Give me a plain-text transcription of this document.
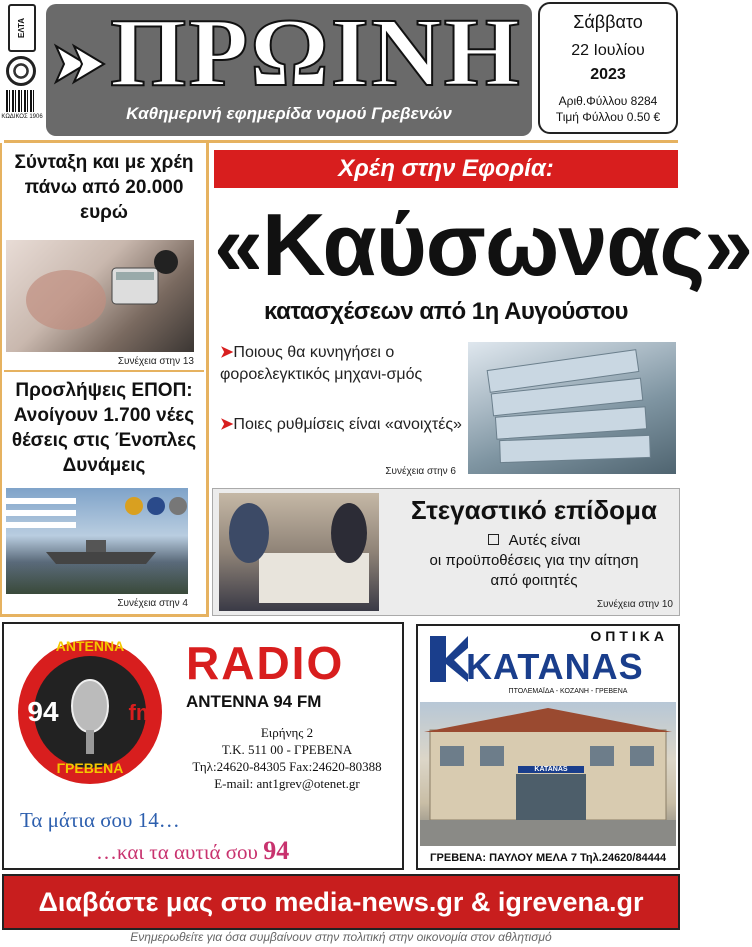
ΕΛΤΑ
ΚΩΔΙΚΟΣ 1906
ΠΡΩΙΝΗ
Καθημερινή εφημερίδα νομού Γρεβενών
Σάββατο
22 Ιουλίου
2023
Αριθ.Φύλλου 8284
Τιμή Φύλλου 0.50 €
Σύνταξη και με χρέη πάνω από 20.000 ευρώ
Συνέχεια στην 13
Προσλήψεις ΕΠΟΠ: Ανοίγουν 1.700 νέες θέσεις στις Ένοπλες Δυνάμεις
Συνέχεια στην 4
Χρέη στην Εφορία:
«Καύσωνας»
κατασχέσεων από 1η Αυγούστου
➤Ποιους θα κυνηγήσει ο φοροελεγκτικός μηχανι-σμός
➤Ποιες ρυθμίσεις είναι «ανοιχτές»
Συνέχεια στην 6
Στεγαστικό επίδομα
Αυτές είναι
οι προϋποθέσεις για την αίτηση
από φοιτητές
Συνέχεια στην 10
ΑΝΤΕΝΝΑ
94	fm
ΓΡΕΒΕΝΑ
RADIO
ANTENNA 94 FM
Ειρήνης 2
Τ.Κ. 511 00 - ΓΡΕΒΕΝΑ
Τηλ:24620-84305 Fax:24620-80388
E-mail: ant1grev@otenet.gr
Τα μάτια σου 14…
…και τα αυτιά σου 94
ΟΠΤΙΚΑ
KATANAS
ΠΤΟΛΕΜΑΪΔΑ - ΚΟΖΑΝΗ - ΓΡΕΒΕΝΑ
KATANAS
ΓΡΕΒΕΝΑ: ΠΑΥΛΟΥ ΜΕΛΑ 7 Τηλ.24620/84444
Διαβάστε μας στο media-news.gr & igrevena.gr
Ενημερωθείτε για όσα συμβαίνουν στην πολιτική στην οικονομία στον αθλητισμό
